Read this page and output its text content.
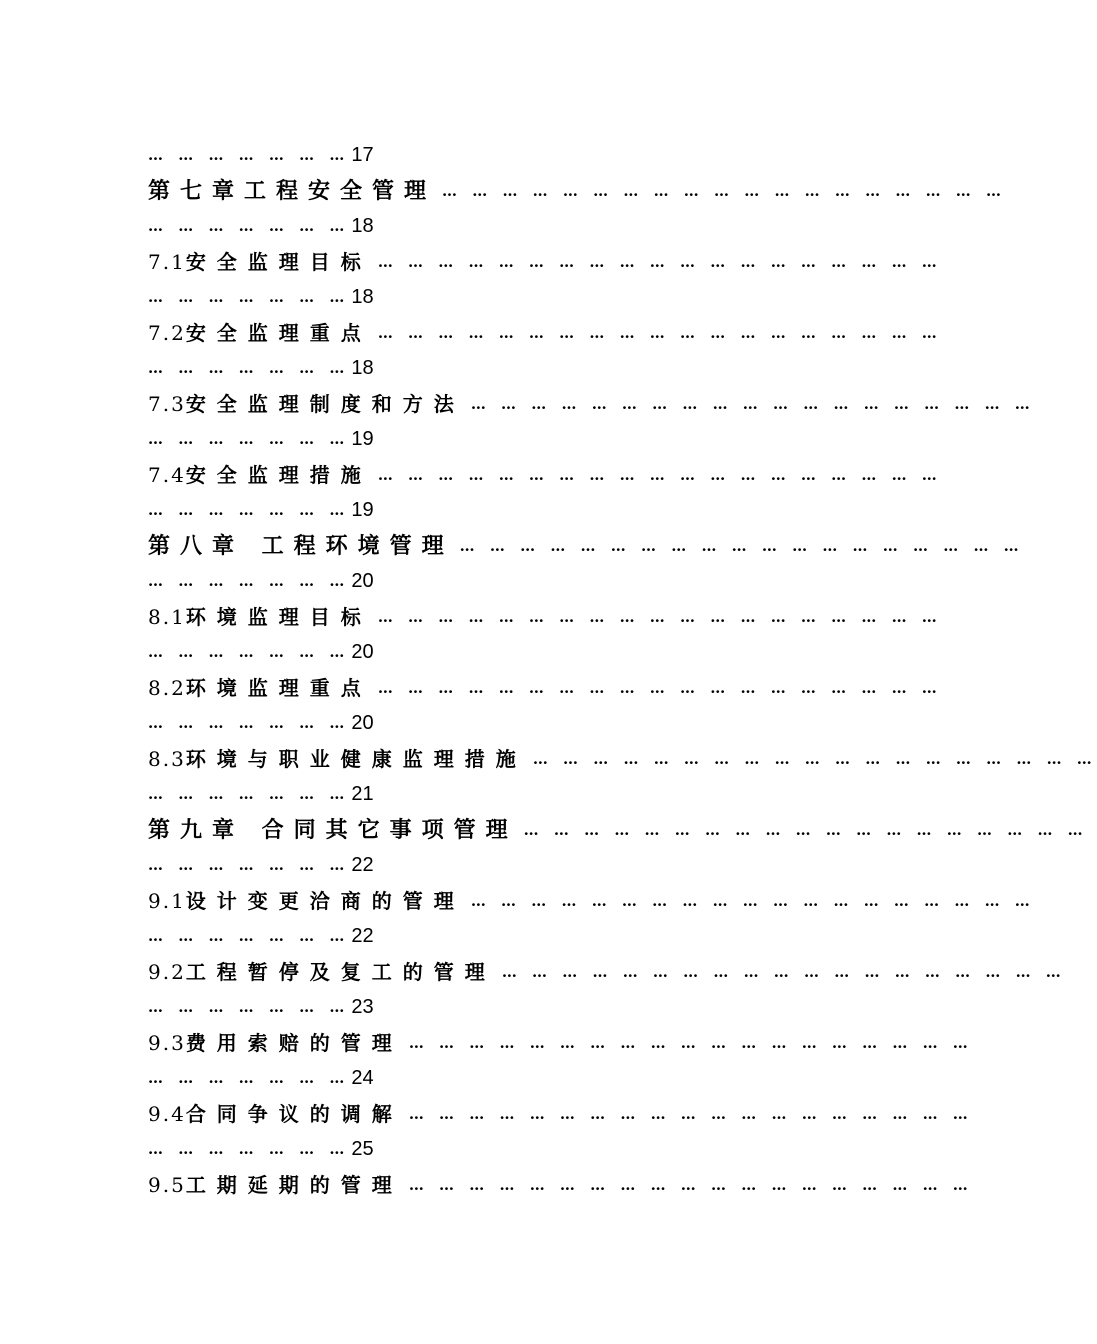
… … … … … … … 17
第七章工程安全管理 … … … … … … … … … … … … … … … … … … …
… … … … … … … 18
7.1 安全监理目标 … … … … … … … … … … … … … … … … … … …
… … … … … … … 18
7.2 安全监理重点 … … … … … … … … … … … … … … … … … … …
… … … … … … … 18
7.3 安全监理制度和方法 … … … … … … … … … … … … … … … … … … …
… … … … … … … 19
7.4 安全监理措施 … … … … … … … … … … … … … … … … … … …
… … … … … … … 19
第八章 工程环境管理 … … … … … … … … … … … … … … … … … … …
… … … … … … … 20
8.1 环境监理目标 … … … … … … … … … … … … … … … … … … …
… … … … … … … 20
8.2 环境监理重点 … … … … … … … … … … … … … … … … … … …
… … … … … … … 20
8.3 环境与职业健康监理措施 … … … … … … … … … … … … … … … … … … …
… … … … … … … 21
第九章 合同其它事项管理 … … … … … … … … … … … … … … … … … … …
… … … … … … … 22
9.1 设计变更洽商的管理 … … … … … … … … … … … … … … … … … … …
… … … … … … … 22
9.2 工程暂停及复工的管理 … … … … … … … … … … … … … … … … … … …
… … … … … … … 23
9.3 费用索赔的管理 … … … … … … … … … … … … … … … … … … …
… … … … … … … 24
9.4 合同争议的调解 … … … … … … … … … … … … … … … … … … …
… … … … … … … 25
9.5 工期延期的管理 … … … … … … … … … … … … … … … … … … …
